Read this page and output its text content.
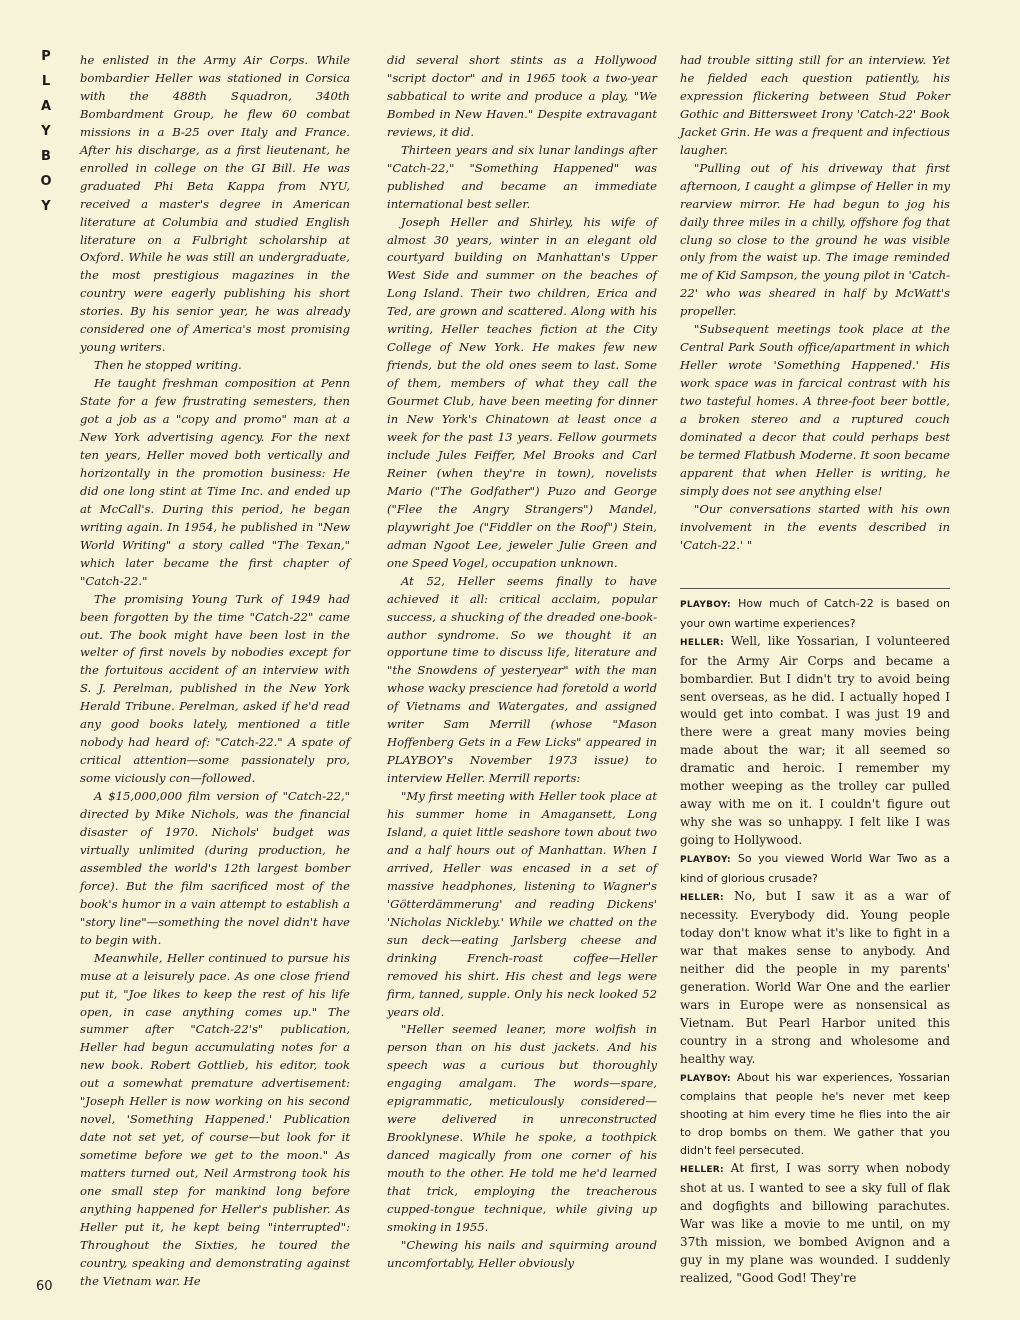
P
L
A
Y
B
O
Y
60

he enlisted in the Army Air Corps. While bombardier Heller was stationed in Corsica with the 488th Squadron, 340th Bombardment Group, he flew 60 combat missions in a B-25 over Italy and France. After his discharge, as a first lieutenant, he enrolled in college on the GI Bill. He was graduated Phi Beta Kappa from NYU, received a master's degree in American literature at Columbia and studied English literature on a Fulbright scholarship at Oxford. While he was still an undergraduate, the most prestigious magazines in the country were eagerly publishing his short stories. By his senior year, he was already considered one of America's most promising young writers.

Then he stopped writing.

He taught freshman composition at Penn State for a few frustrating semesters, then got a job as a "copy and promo" man at a New York advertising agency. For the next ten years, Heller moved both vertically and horizontally in the promotion business: He did one long stint at Time Inc. and ended up at McCall's. During this period, he began writing again. In 1954, he published in "New World Writing" a story called "The Texan," which later became the first chapter of "Catch-22."

The promising Young Turk of 1949 had been forgotten by the time "Catch-22" came out. The book might have been lost in the welter of first novels by nobodies except for the fortuitous accident of an interview with S. J. Perelman, published in the New York Herald Tribune. Perelman, asked if he'd read any good books lately, mentioned a title nobody had heard of: "Catch-22." A spate of critical attention—some passionately pro, some viciously con—followed.

A $15,000,000 film version of "Catch-22," directed by Mike Nichols, was the financial disaster of 1970. Nichols' budget was virtually unlimited (during production, he assembled the world's 12th largest bomber force). But the film sacrificed most of the book's humor in a vain attempt to establish a "story line"—something the novel didn't have to begin with.

Meanwhile, Heller continued to pursue his muse at a leisurely pace. As one close friend put it, "Joe likes to keep the rest of his life open, in case anything comes up." The summer after "Catch-22's" publication, Heller had begun accumulating notes for a new book. Robert Gottlieb, his editor, took out a somewhat premature advertisement: "Joseph Heller is now working on his second novel, 'Something Happened.' Publication date not set yet, of course—but look for it sometime before we get to the moon." As matters turned out, Neil Armstrong took his one small step for mankind long before anything happened for Heller's publisher. As Heller put it, he kept being "interrupted": Throughout the Sixties, he toured the country, speaking and demonstrating against the Vietnam war. He

did several short stints as a Hollywood "script doctor" and in 1965 took a two-year sabbatical to write and produce a play, "We Bombed in New Haven." Despite extravagant reviews, it did.

Thirteen years and six lunar landings after "Catch-22," "Something Happened" was published and became an immediate international best seller.

Joseph Heller and Shirley, his wife of almost 30 years, winter in an elegant old courtyard building on Manhattan's Upper West Side and summer on the beaches of Long Island. Their two children, Erica and Ted, are grown and scattered. Along with his writing, Heller teaches fiction at the City College of New York. He makes few new friends, but the old ones seem to last. Some of them, members of what they call the Gourmet Club, have been meeting for dinner in New York's Chinatown at least once a week for the past 13 years. Fellow gourmets include Jules Feiffer, Mel Brooks and Carl Reiner (when they're in town), novelists Mario ("The Godfather") Puzo and George ("Flee the Angry Strangers") Mandel, playwright Joe ("Fiddler on the Roof") Stein, adman Ngoot Lee, jeweler Julie Green and one Speed Vogel, occupation unknown.

At 52, Heller seems finally to have achieved it all: critical acclaim, popular success, a shucking of the dreaded one-book-author syndrome. So we thought it an opportune time to discuss life, literature and "the Snowdens of yesteryear" with the man whose wacky prescience had foretold a world of Vietnams and Watergates, and assigned writer Sam Merrill (whose "Mason Hoffenberg Gets in a Few Licks" appeared in PLAYBOY's November 1973 issue) to interview Heller. Merrill reports:

"My first meeting with Heller took place at his summer home in Amagansett, Long Island, a quiet little seashore town about two and a half hours out of Manhattan. When I arrived, Heller was encased in a set of massive headphones, listening to Wagner's 'Götterdämmerung' and reading Dickens' 'Nicholas Nickleby.' While we chatted on the sun deck—eating Jarlsberg cheese and drinking French-roast coffee—Heller removed his shirt. His chest and legs were firm, tanned, supple. Only his neck looked 52 years old.

"Heller seemed leaner, more wolfish in person than on his dust jackets. And his speech was a curious but thoroughly engaging amalgam. The words—spare, epigrammatic, meticulously considered—were delivered in unreconstructed Brooklynese. While he spoke, a toothpick danced magically from one corner of his mouth to the other. He told me he'd learned that trick, employing the treacherous cupped-tongue technique, while giving up smoking in 1955.

"Chewing his nails and squirming around uncomfortably, Heller obviously

had trouble sitting still for an interview. Yet he fielded each question patiently, his expression flickering between Stud Poker Gothic and Bittersweet Irony 'Catch-22' Book Jacket Grin. He was a frequent and infectious laugher.

"Pulling out of his driveway that first afternoon, I caught a glimpse of Heller in my rearview mirror. He had begun to jog his daily three miles in a chilly, offshore fog that clung so close to the ground he was visible only from the waist up. The image reminded me of Kid Sampson, the young pilot in 'Catch-22' who was sheared in half by McWatt's propeller.

"Subsequent meetings took place at the Central Park South office/apartment in which Heller wrote 'Something Happened.' His work space was in farcical contrast with his two tasteful homes. A three-foot beer bottle, a broken stereo and a ruptured couch dominated a decor that could perhaps best be termed Flatbush Moderne. It soon became apparent that when Heller is writing, he simply does not see anything else!

"Our conversations started with his own involvement in the events described in 'Catch-22.' "

PLAYBOY: How much of Catch-22 is based on your own wartime experiences?

HELLER: Well, like Yossarian, I volunteered for the Army Air Corps and became a bombardier. But I didn't try to avoid being sent overseas, as he did. I actually hoped I would get into combat. I was just 19 and there were a great many movies being made about the war; it all seemed so dramatic and heroic. I remember my mother weeping as the trolley car pulled away with me on it. I couldn't figure out why she was so unhappy. I felt like I was going to Hollywood.

PLAYBOY: So you viewed World War Two as a kind of glorious crusade?

HELLER: No, but I saw it as a war of necessity. Everybody did. Young people today don't know what it's like to fight in a war that makes sense to anybody. And neither did the people in my parents' generation. World War One and the earlier wars in Europe were as nonsensical as Vietnam. But Pearl Harbor united this country in a strong and wholesome and healthy way.

PLAYBOY: About his war experiences, Yossarian complains that people he's never met keep shooting at him every time he flies into the air to drop bombs on them. We gather that you didn't feel persecuted.

HELLER: At first, I was sorry when nobody shot at us. I wanted to see a sky full of flak and dogfights and billowing parachutes. War was like a movie to me until, on my 37th mission, we bombed Avignon and a guy in my plane was wounded. I suddenly realized, "Good God! They're
